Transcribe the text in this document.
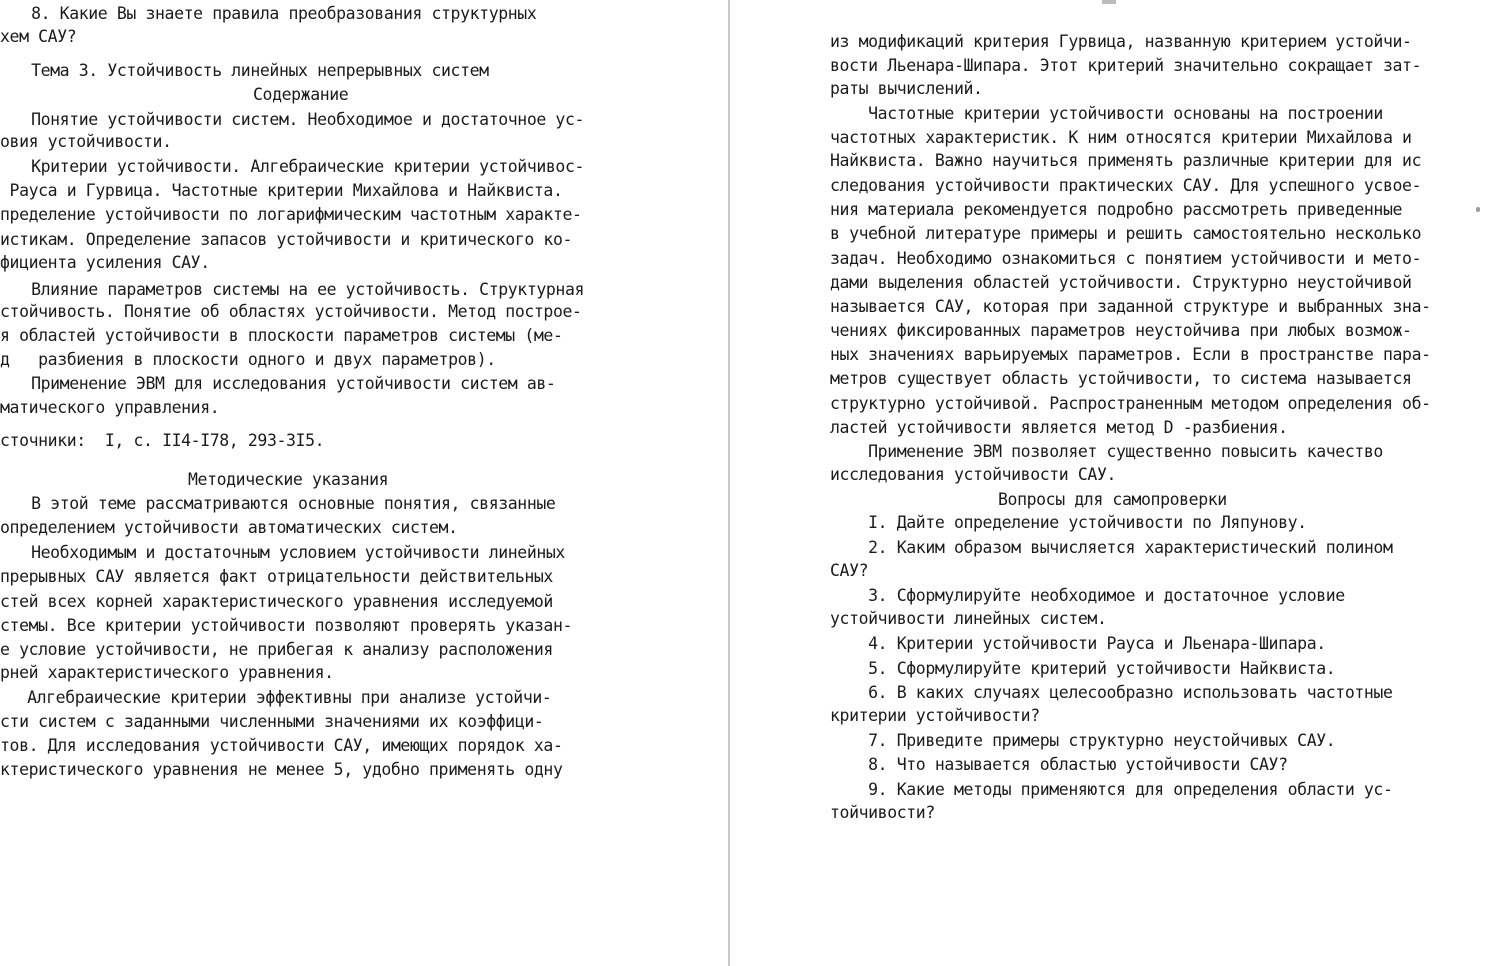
8. Какие Вы знаете правила преобразования структурных
хем САУ?
Тема 3. Устойчивость линейных непрерывных систем
Содержание
Понятие устойчивости систем. Необходимое и достаточное ус-
овия устойчивости.
Критерии устойчивости. Алгебраические критерии устойчивос-
Рауса и Гурвица. Частотные критерии Михайлова и Найквиста.
пределение устойчивости по логарифмическим частотным характе-
истикам. Определение запасов устойчивости и критического ко-
фициента усиления САУ.
Влияние параметров системы на ее устойчивость. Структурная
стойчивость. Понятие об областях устойчивости. Метод построе-
я областей устойчивости в плоскости параметров системы (ме-
д   разбиения в плоскости одного и двух параметров).
Применение ЭВМ для исследования устойчивости систем ав-
матического управления.
сточники:  I, с. II4-I78, 293-3I5.
Методические указания
В этой теме рассматриваются основные понятия, связанные
определением устойчивости автоматических систем.
Необходимым и достаточным условием устойчивости линейных
прерывных САУ является факт отрицательности действительных
стей всех корней характеристического уравнения исследуемой
стемы. Все критерии устойчивости позволяют проверять указан-
е условие устойчивости, не прибегая к анализу расположения
рней характеристического уравнения.
Алгебраические критерии эффективны при анализе устойчи-
сти систем с заданными численными значениями их коэффици-
тов. Для исследования устойчивости САУ, имеющих порядок ха-
ктеристического уравнения не менее 5, удобно применять одну
из модификаций критерия Гурвица, названную критерием устойчи-
вости Льенара-Шипара. Этот критерий значительно сокращает зат-
раты вычислений.
Частотные критерии устойчивости основаны на построении
частотных характеристик. К ним относятся критерии Михайлова и
Найквиста. Важно научиться применять различные критерии для ис
следования устойчивости практических САУ. Для успешного усвое-
ния материала рекомендуется подробно рассмотреть приведенные
в учебной литературе примеры и решить самостоятельно несколько
задач. Необходимо ознакомиться с понятием устойчивости и мето-
дами выделения областей устойчивости. Структурно неустойчивой
называется САУ, которая при заданной структуре и выбранных зна-
чениях фиксированных параметров неустойчива при любых возмож-
ных значениях варьируемых параметров. Если в пространстве пара-
метров существует область устойчивости, то система называется
структурно устойчивой. Распространенным методом определения об-
ластей устойчивости является метод D -разбиения.
Применение ЭВМ позволяет существенно повысить качество
исследования устойчивости САУ.
Вопросы для самопроверки
I. Дайте определение устойчивости по Ляпунову.
2. Каким образом вычисляется характеристический полином
САУ?
3. Сформулируйте необходимое и достаточное условие
устойчивости линейных систем.
4. Критерии устойчивости Рауса и Льенара-Шипара.
5. Сформулируйте критерий устойчивости Найквиста.
6. В каких случаях целесообразно использовать частотные
критерии устойчивости?
7. Приведите примеры структурно неустойчивых САУ.
8. Что называется областью устойчивости САУ?
9. Какие методы применяются для определения области ус-
тойчивости?
